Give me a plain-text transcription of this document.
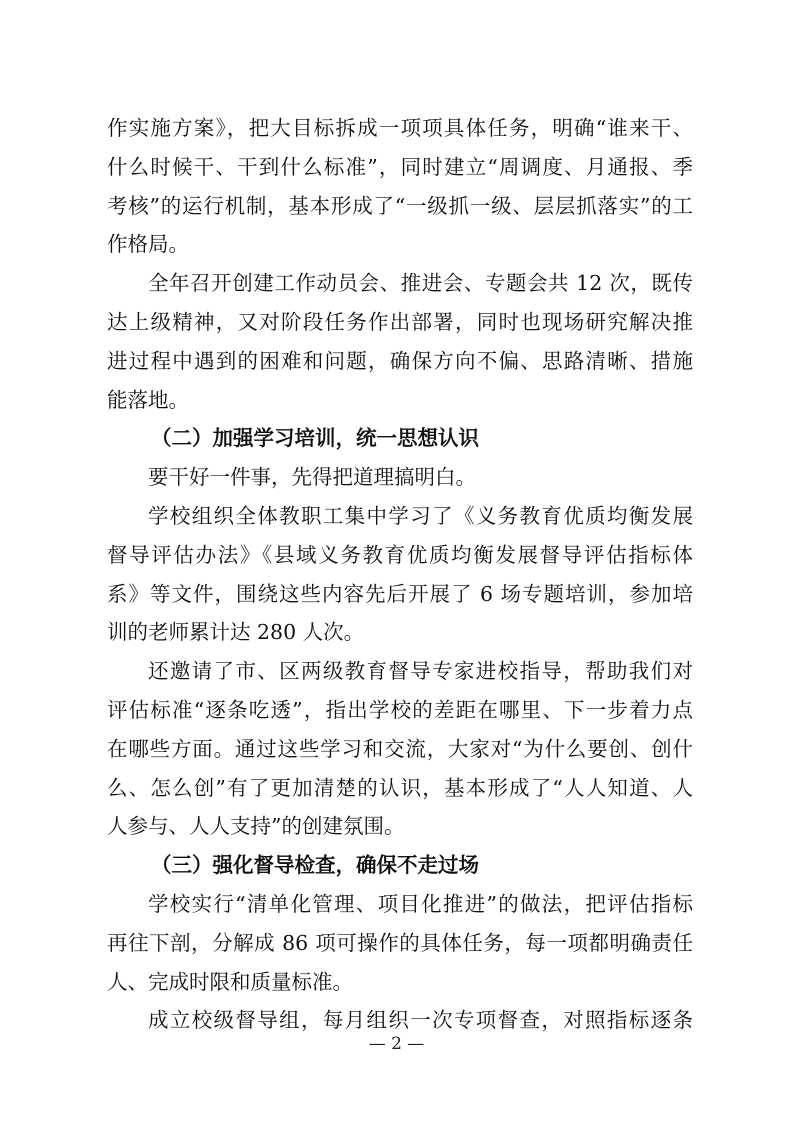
作实施方案》，把大目标拆成一项项具体任务，明确“谁来干、
什么时候干、干到什么标准”，同时建立“周调度、月通报、季
考核”的运行机制，基本形成了“一级抓一级、层层抓落实”的工
作格局。
全年召开创建工作动员会、推进会、专题会共 12 次，既传
达上级精神，又对阶段任务作出部署，同时也现场研究解决推
进过程中遇到的困难和问题，确保方向不偏、思路清晰、措施
能落地。
（二）加强学习培训，统一思想认识
要干好一件事，先得把道理搞明白。
学校组织全体教职工集中学习了《义务教育优质均衡发展
督导评估办法》《县域义务教育优质均衡发展督导评估指标体
系》等文件，围绕这些内容先后开展了 6 场专题培训，参加培
训的老师累计达 280 人次。
还邀请了市、区两级教育督导专家进校指导，帮助我们对
评估标准“逐条吃透”，指出学校的差距在哪里、下一步着力点
在哪些方面。通过这些学习和交流，大家对“为什么要创、创什
么、怎么创”有了更加清楚的认识，基本形成了“人人知道、人
人参与、人人支持”的创建氛围。
（三）强化督导检查，确保不走过场
学校实行“清单化管理、项目化推进”的做法，把评估指标
再往下剖，分解成 86 项可操作的具体任务，每一项都明确责任
人、完成时限和质量标准。
成立校级督导组，每月组织一次专项督查，对照指标逐条
— 2 —
